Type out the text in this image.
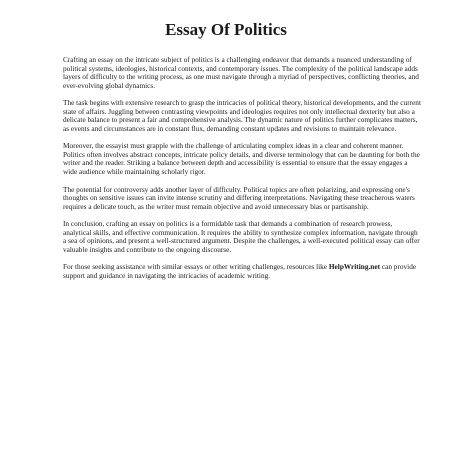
Essay Of Politics

Crafting an essay on the intricate subject of politics is a challenging endeavor that demands a nuanced understanding of political systems, ideologies, historical contexts, and contemporary issues. The complexity of the political landscape adds layers of difficulty to the writing process, as one must navigate through a myriad of perspectives, conflicting theories, and ever-evolving global dynamics.

The task begins with extensive research to grasp the intricacies of political theory, historical developments, and the current state of affairs. Juggling between contrasting viewpoints and ideologies requires not only intellectual dexterity but also a delicate balance to present a fair and comprehensive analysis. The dynamic nature of politics further complicates matters, as events and circumstances are in constant flux, demanding constant updates and revisions to maintain relevance.

Moreover, the essayist must grapple with the challenge of articulating complex ideas in a clear and coherent manner. Politics often involves abstract concepts, intricate policy details, and diverse terminology that can be daunting for both the writer and the reader. Striking a balance between depth and accessibility is essential to ensure that the essay engages a wide audience while maintaining scholarly rigor.

The potential for controversy adds another layer of difficulty. Political topics are often polarizing, and expressing one's thoughts on sensitive issues can invite intense scrutiny and differing interpretations. Navigating these treacherous waters requires a delicate touch, as the writer must remain objective and avoid unnecessary bias or partisanship.

In conclusion, crafting an essay on politics is a formidable task that demands a combination of research prowess, analytical skills, and effective communication. It requires the ability to synthesize complex information, navigate through a sea of opinions, and present a well-structured argument. Despite the challenges, a well-executed political essay can offer valuable insights and contribute to the ongoing discourse.

For those seeking assistance with similar essays or other writing challenges, resources like HelpWriting.net can provide support and guidance in navigating the intricacies of academic writing.
